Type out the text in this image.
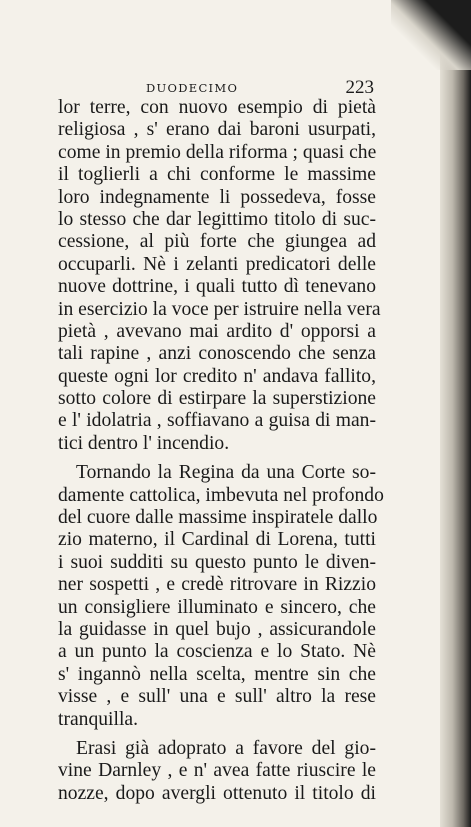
DUODECIMO	223
lor terre, con nuovo esempio di pietà
religiosa , s' erano dai baroni usurpati,
come in premio della riforma ; quasi che
il toglierli a chi conforme le massime
loro indegnamente li possedeva, fosse
lo stesso che dar legittimo titolo di suc-
cessione, al più forte che giungea ad
occuparli. Nè i zelanti predicatori delle
nuove dottrine, i quali tutto dì tenevano
in esercizio la voce per istruire nella vera
pietà , avevano mai ardito d' opporsi a
tali rapine , anzi conoscendo che senza
queste ogni lor credito n' andava fallito,
sotto colore di estirpare la superstizione
e l' idolatria , soffiavano a guisa di man-
tici dentro l' incendio.
Tornando la Regina da una Corte so-
damente cattolica, imbevuta nel profondo
del cuore dalle massime inspiratele dallo
zio materno, il Cardinal di Lorena, tutti
i suoi sudditi su questo punto le diven-
ner sospetti , e credè ritrovare in Rizzio
un consigliere illuminato e sincero, che
la guidasse in quel bujo , assicurandole
a un punto la coscienza e lo Stato. Nè
s' ingannò nella scelta, mentre sin che
visse , e sull' una e sull' altro la rese
tranquilla.
Erasi già adoprato a favore del gio-
vine Darnley , e n' avea fatte riuscire le
nozze, dopo avergli ottenuto il titolo di
